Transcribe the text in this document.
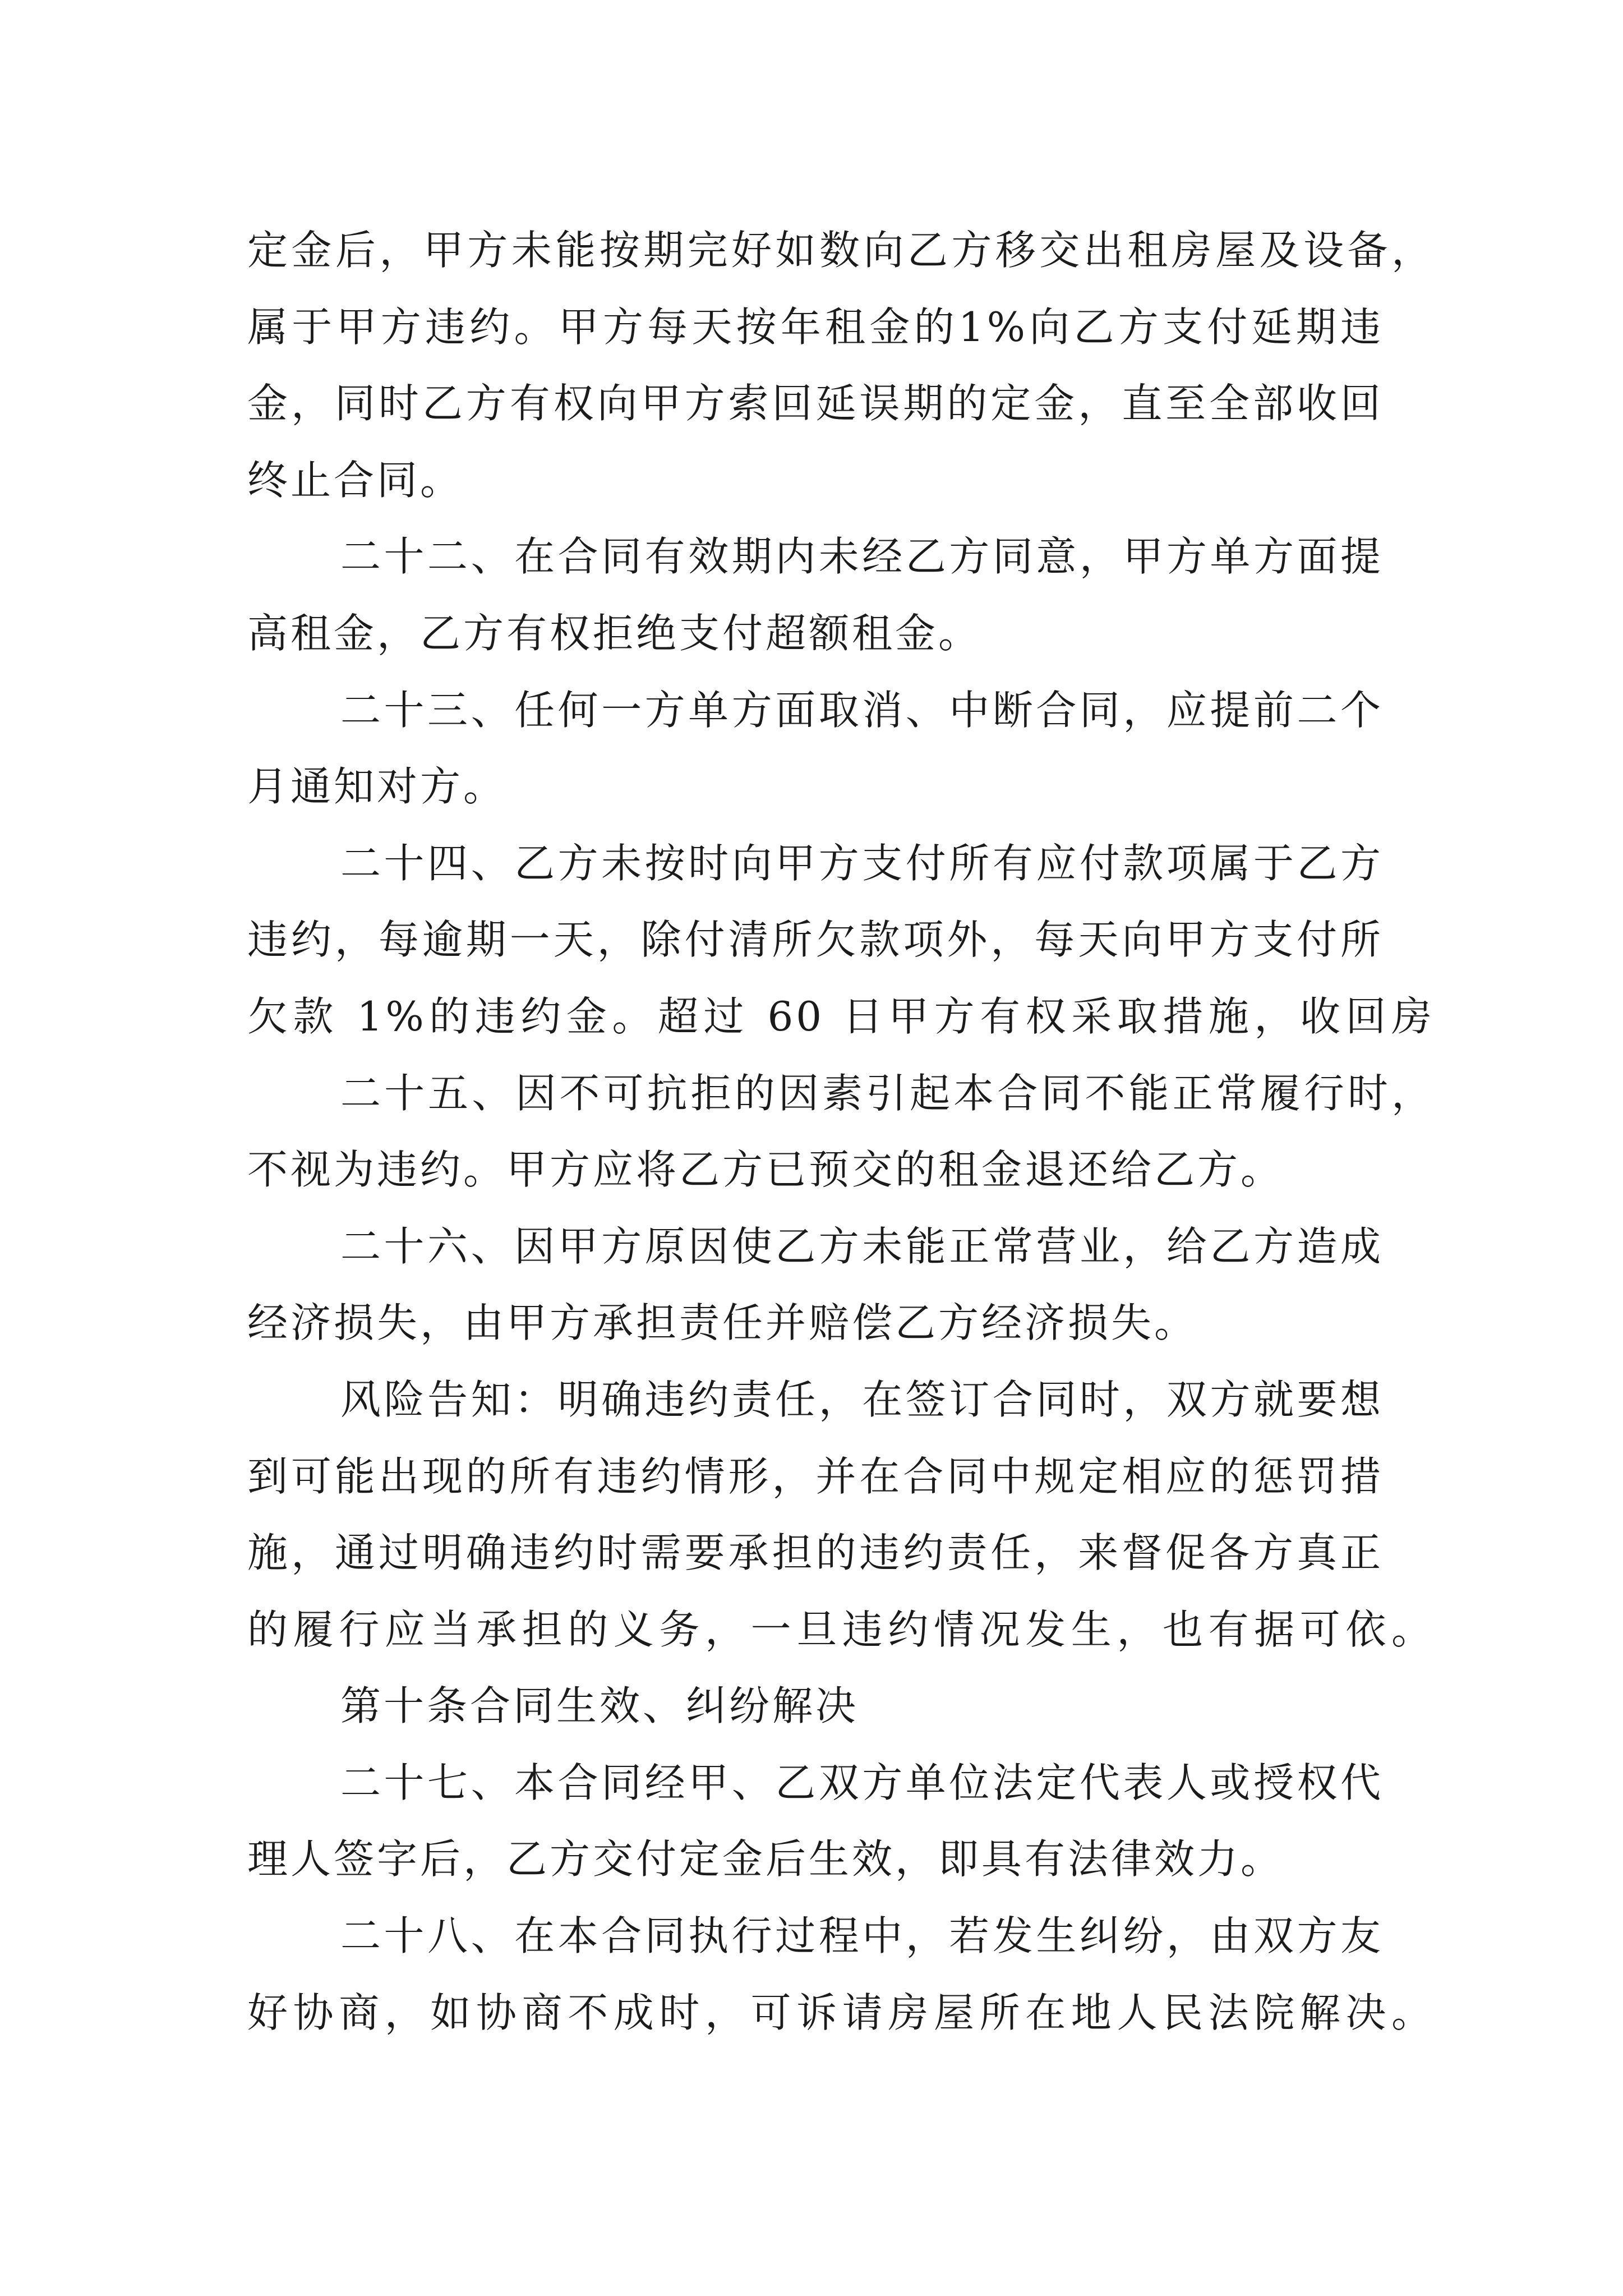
定金后，甲方未能按期完好如数向乙方移交出租房屋及设备，
属于甲方违约。甲方每天按年租金的1%向乙方支付延期违
金，同时乙方有权向甲方索回延误期的定金，直至全部收回
终止合同。
二十二、在合同有效期内未经乙方同意，甲方单方面提
高租金，乙方有权拒绝支付超额租金。
二十三、任何一方单方面取消、中断合同，应提前二个
月通知对方。
二十四、乙方未按时向甲方支付所有应付款项属于乙方
违约，每逾期一天，除付清所欠款项外，每天向甲方支付所
欠款 1%的违约金。超过 60 日甲方有权采取措施，收回房
二十五、因不可抗拒的因素引起本合同不能正常履行时，
不视为违约。甲方应将乙方已预交的租金退还给乙方。
二十六、因甲方原因使乙方未能正常营业，给乙方造成
经济损失，由甲方承担责任并赔偿乙方经济损失。
风险告知：明确违约责任，在签订合同时，双方就要想
到可能出现的所有违约情形，并在合同中规定相应的惩罚措
施，通过明确违约时需要承担的违约责任，来督促各方真正
的履行应当承担的义务，一旦违约情况发生，也有据可依。
第十条合同生效、纠纷解决
二十七、本合同经甲、乙双方单位法定代表人或授权代
理人签字后，乙方交付定金后生效，即具有法律效力。
二十八、在本合同执行过程中，若发生纠纷，由双方友
好协商，如协商不成时，可诉请房屋所在地人民法院解决。
